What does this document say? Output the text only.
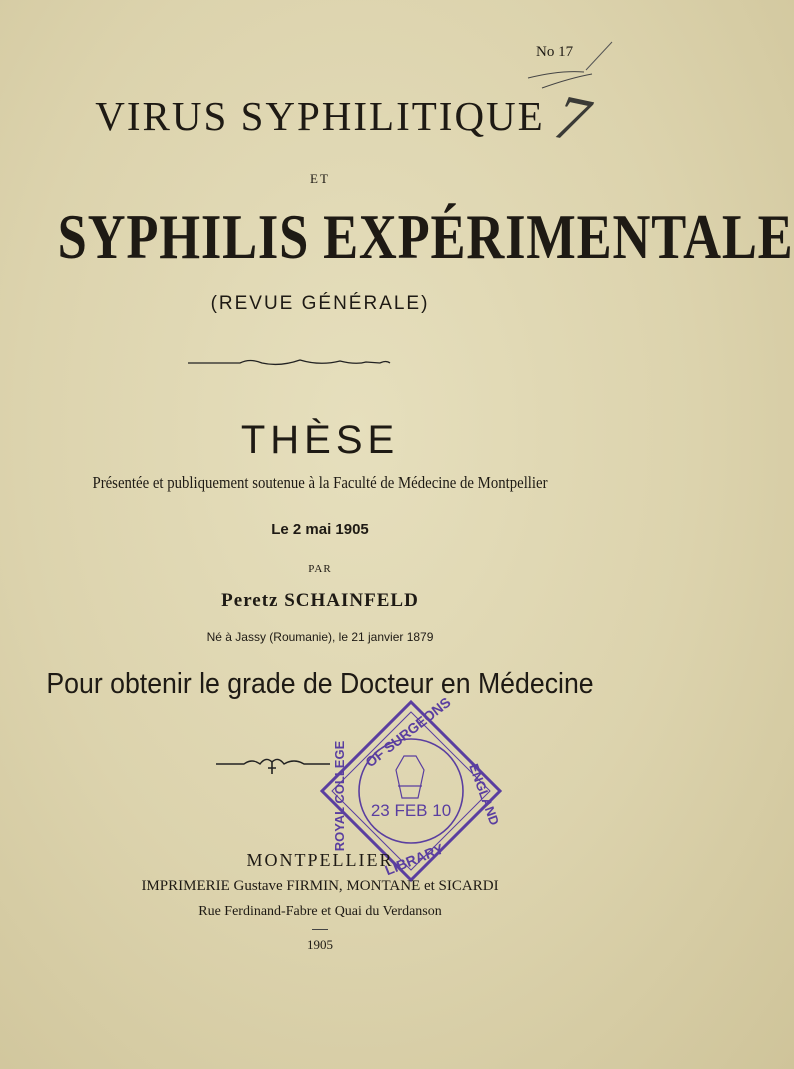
No 17
7
VIRUS SYPHILITIQUE
ET
SYPHILIS EXPÉRIMENTALE
(REVUE GÉNÉRALE)
THÈSE
Présentée et publiquement soutenue à la Faculté de Médecine de Montpellier
Le 2 mai 1905
PAR
Peretz SCHAINFELD
Né à Jassy (Roumanie), le 21 janvier 1879
Pour obtenir le grade de Docteur en Médecine
OF SURGEONS
ROYAL COLLEGE	ENGLAND
23 FEB 10
LIBRARY
MONTPELLIER
IMPRIMERIE Gustave FIRMIN, MONTANE et SICARDI
Rue Ferdinand-Fabre et Quai du Verdanson
1905
